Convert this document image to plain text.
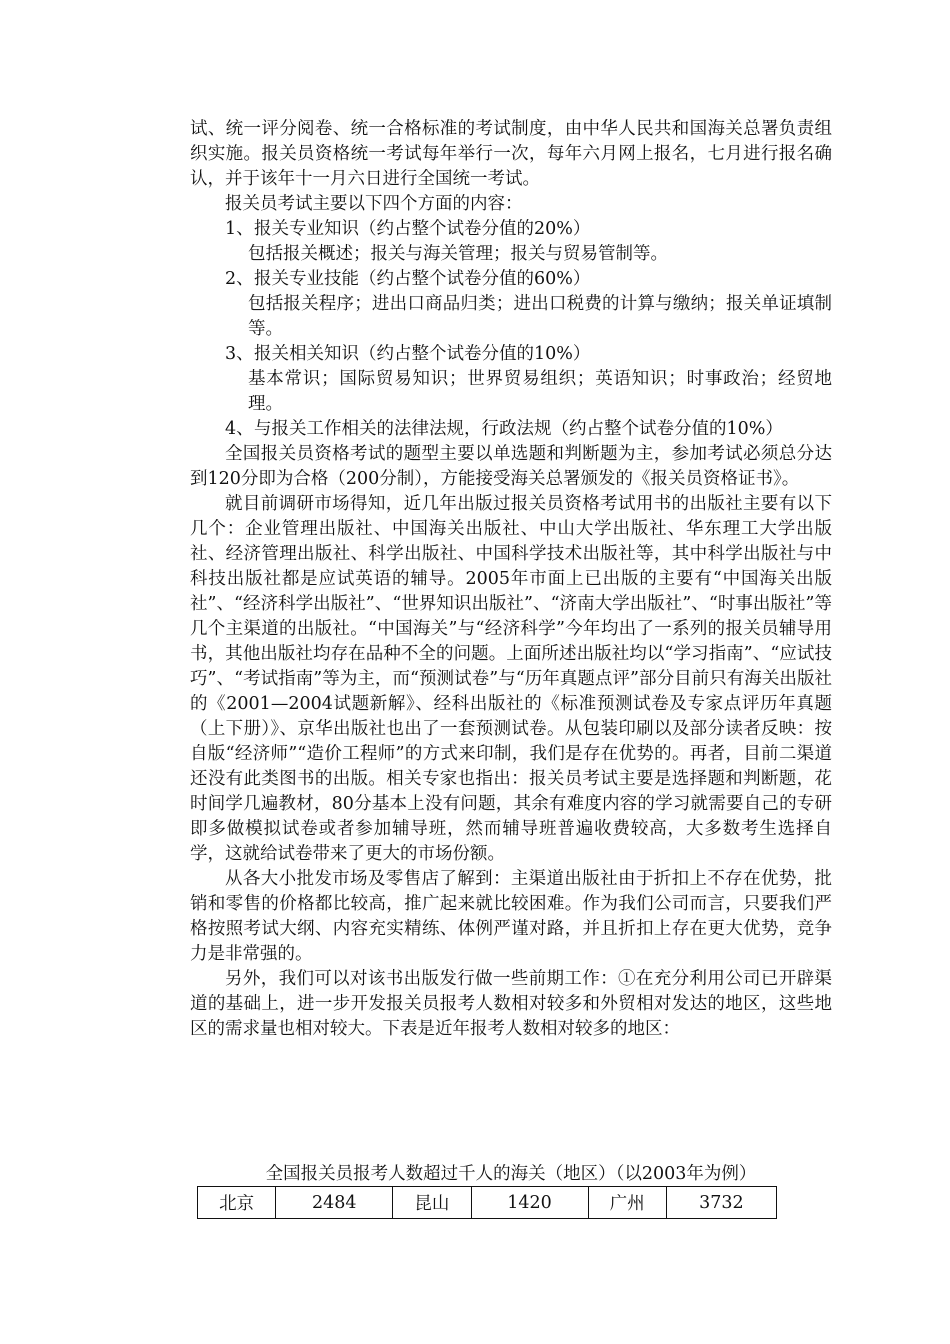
试、统一评分阅卷、统一合格标准的考试制度，由中华人民共和国海关总署负责组织实施。报关员资格统一考试每年举行一次，每年六月网上报名，七月进行报名确认，并于该年十一月六日进行全国统一考试。

报关员考试主要以下四个方面的内容：

1、报关专业知识（约占整个试卷分值的20%）

包括报关概述；报关与海关管理；报关与贸易管制等。

2、报关专业技能（约占整个试卷分值的60%）

包括报关程序；进出口商品归类；进出口税费的计算与缴纳；报关单证填制等。

3、报关相关知识（约占整个试卷分值的10%）

基本常识；国际贸易知识；世界贸易组织；英语知识；时事政治；经贸地理。

4、与报关工作相关的法律法规，行政法规（约占整个试卷分值的10%）

全国报关员资格考试的题型主要以单选题和判断题为主，参加考试必须总分达到120分即为合格（200分制），方能接受海关总署颁发的《报关员资格证书》。

就目前调研市场得知，近几年出版过报关员资格考试用书的出版社主要有以下几个：企业管理出版社、中国海关出版社、中山大学出版社、华东理工大学出版社、经济管理出版社、科学出版社、中国科学技术出版社等，其中科学出版社与中科技出版社都是应试英语的辅导。2005年市面上已出版的主要有“中国海关出版社”、“经济科学出版社”、“世界知识出版社”、“济南大学出版社”、“时事出版社”等几个主渠道的出版社。“中国海关”与“经济科学”今年均出了一系列的报关员辅导用书，其他出版社均存在品种不全的问题。上面所述出版社均以“学习指南”、“应试技巧”、“考试指南”等为主，而“预测试卷”与“历年真题点评”部分目前只有海关出版社的《2001—2004试题新解》、经科出版社的《标准预测试卷及专家点评历年真题（上下册）》、京华出版社也出了一套预测试卷。从包装印刷以及部分读者反映：按自版“经济师”“造价工程师”的方式来印制，我们是存在优势的。再者，目前二渠道还没有此类图书的出版。相关专家也指出：报关员考试主要是选择题和判断题，花时间学几遍教材，80分基本上没有问题，其余有难度内容的学习就需要自己的专研即多做模拟试卷或者参加辅导班，然而辅导班普遍收费较高，大多数考生选择自学，这就给试卷带来了更大的市场份额。

从各大小批发市场及零售店了解到：主渠道出版社由于折扣上不存在优势，批销和零售的价格都比较高，推广起来就比较困难。作为我们公司而言，只要我们严格按照考试大纲、内容充实精练、体例严谨对路，并且折扣上存在更大优势，竞争力是非常强的。

另外，我们可以对该书出版发行做一些前期工作：①在充分利用公司已开辟渠道的基础上，进一步开发报关员报考人数相对较多和外贸相对发达的地区，这些地区的需求量也相对较大。下表是近年报考人数相对较多的地区：

全国报关员报考人数超过千人的海关（地区）（以2003年为例）
北京	2484	昆山	1420	广州	3732
